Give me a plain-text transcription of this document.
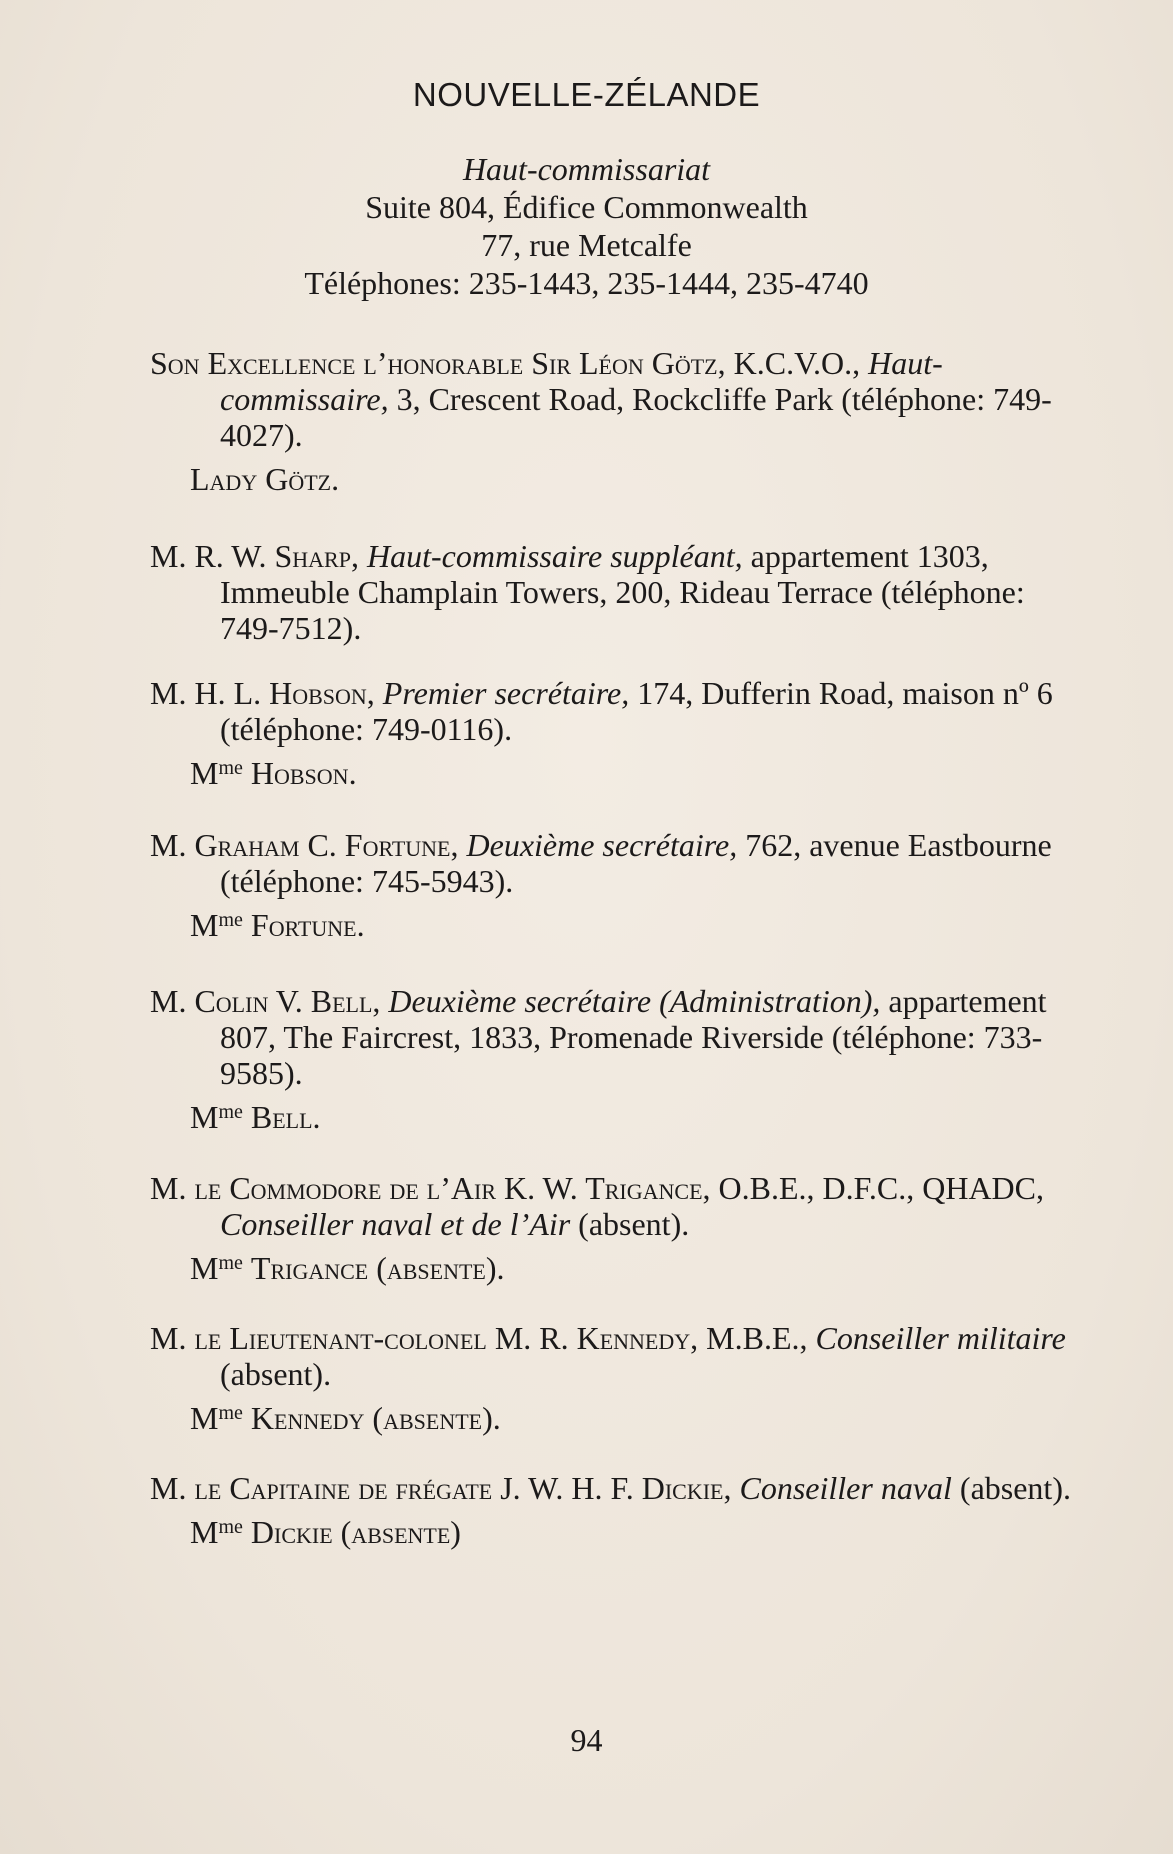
NOUVELLE-ZÉLANDE
Haut-commissariat
Suite 804, Édifice Commonwealth
77, rue Metcalfe
Téléphones: 235-1443, 235-1444, 235-4740
Son Excellence l’honorable Sir Léon Götz, K.C.V.O., Haut-commissaire, 3, Crescent Road, Rockcliffe Park (téléphone: 749-4027).
Lady Götz.
M. R. W. Sharp, Haut-commissaire suppléant, appartement 1303, Immeuble Champlain Towers, 200, Rideau Terrace (téléphone: 749-7512).
M. H. L. Hobson, Premier secrétaire, 174, Dufferin Road, maison nº 6 (téléphone: 749-0116).
$M^{me}$ Hobson.
M. Graham C. Fortune, Deuxième secrétaire, 762, avenue Eastbourne (téléphone: 745-5943).
$M^{me}$ Fortune.
M. Colin V. Bell, Deuxième secrétaire (Administration), appartement 807, The Faircrest, 1833, Promenade Riverside (téléphone: 733-9585).
$M^{me}$ Bell.
M. le Commodore de l’Air K. W. Trigance, O.B.E., D.F.C., QHADC, Conseiller naval et de l’Air (absent).
$M^{me}$ Trigance (absente).
M. le Lieutenant-colonel M. R. Kennedy, M.B.E., Conseiller militaire (absent).
$M^{me}$ Kennedy (absente).
M. le Capitaine de frégate J. W. H. F. Dickie, Conseiller naval (absent).
$M^{me}$ Dickie (absente)
94
